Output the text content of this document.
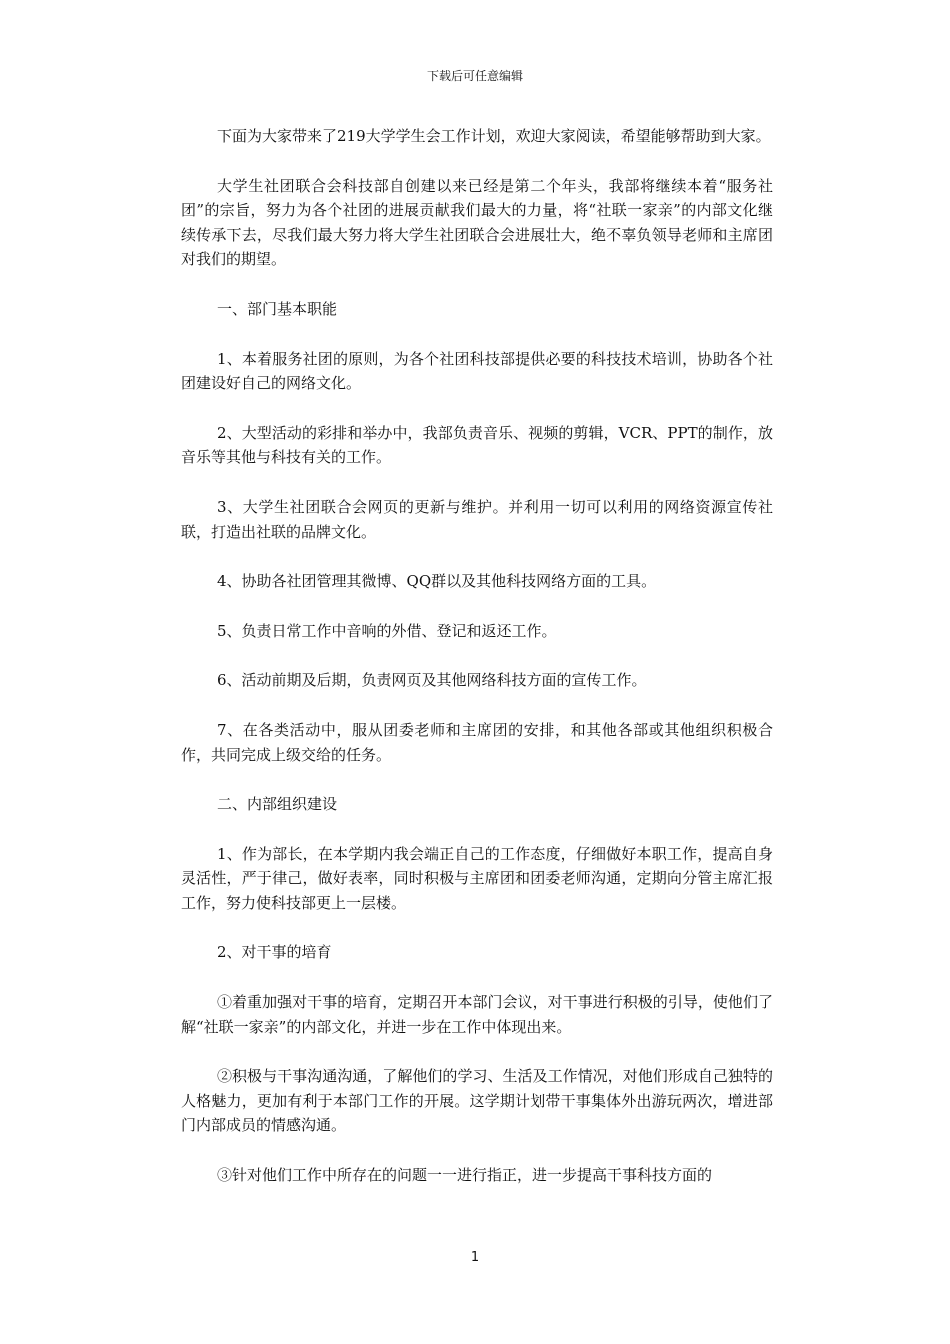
下载后可任意编辑

下面为大家带来了219大学学生会工作计划，欢迎大家阅读，希望能够帮助到大家。

大学生社团联合会科技部自创建以来已经是第二个年头，我部将继续本着“服务社团”的宗旨，努力为各个社团的进展贡献我们最大的力量，将“社联一家亲”的内部文化继续传承下去，尽我们最大努力将大学生社团联合会进展壮大，绝不辜负领导老师和主席团对我们的期望。

一、部门基本职能

1、本着服务社团的原则，为各个社团科技部提供必要的科技技术培训，协助各个社团建设好自己的网络文化。

2、大型活动的彩排和举办中，我部负责音乐、视频的剪辑，VCR、PPT的制作，放音乐等其他与科技有关的工作。

3、大学生社团联合会网页的更新与维护。并利用一切可以利用的网络资源宣传社联，打造出社联的品牌文化。

4、协助各社团管理其微博、QQ群以及其他科技网络方面的工具。

5、负责日常工作中音响的外借、登记和返还工作。

6、活动前期及后期，负责网页及其他网络科技方面的宣传工作。

7、在各类活动中，服从团委老师和主席团的安排，和其他各部或其他组织积极合作，共同完成上级交给的任务。

二、内部组织建设

1、作为部长，在本学期内我会端正自己的工作态度，仔细做好本职工作，提高自身灵活性，严于律己，做好表率，同时积极与主席团和团委老师沟通，定期向分管主席汇报工作，努力使科技部更上一层楼。

2、对干事的培育

①着重加强对干事的培育，定期召开本部门会议，对干事进行积极的引导，使他们了解“社联一家亲”的内部文化，并进一步在工作中体现出来。

②积极与干事沟通沟通，了解他们的学习、生活及工作情况，对他们形成自己独特的人格魅力，更加有利于本部门工作的开展。这学期计划带干事集体外出游玩两次，增进部门内部成员的情感沟通。

③针对他们工作中所存在的问题一一进行指正，进一步提高干事科技方面的

1
